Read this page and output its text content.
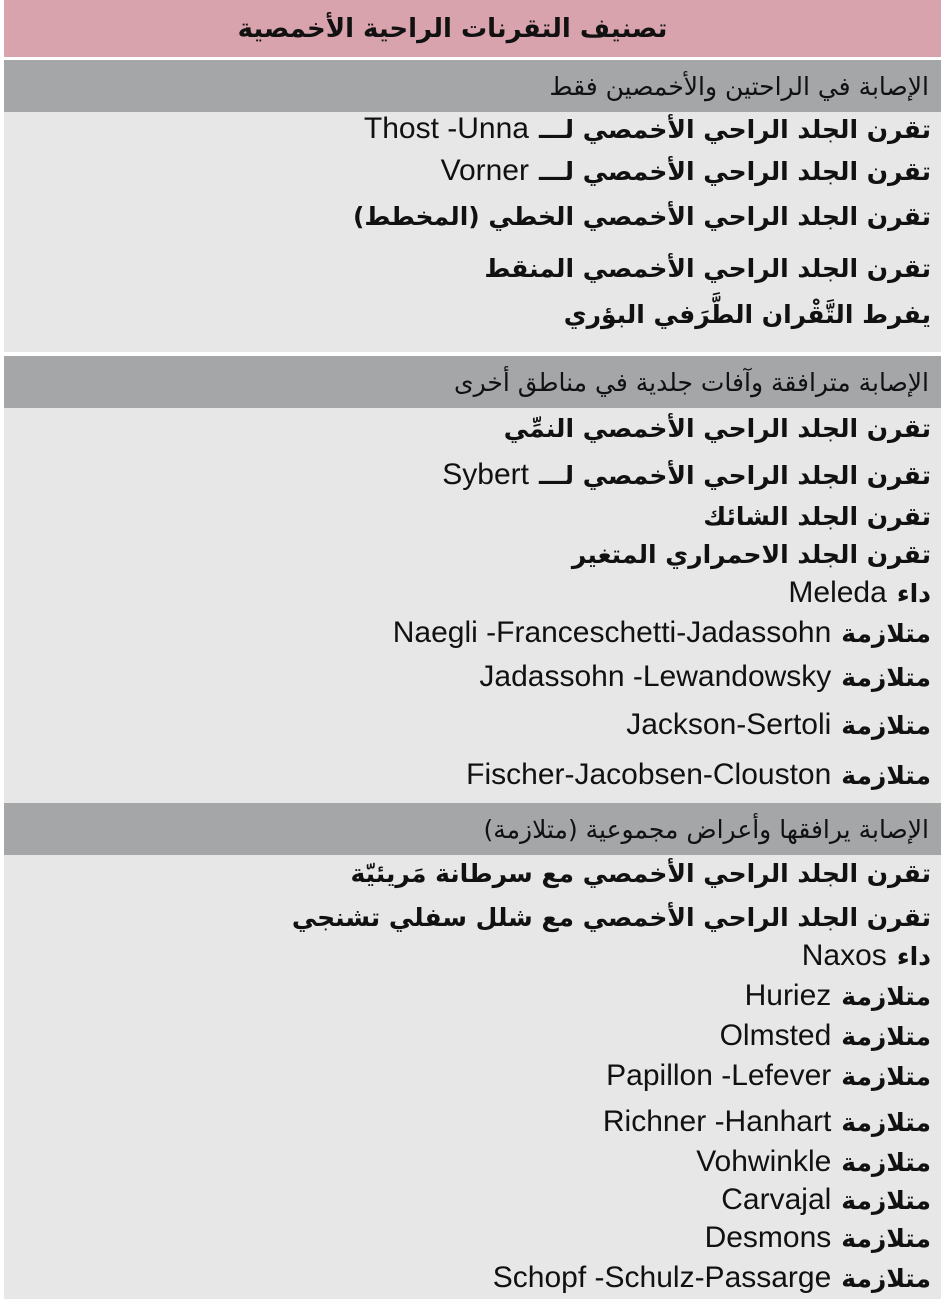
تصنيف التقرنات الراحية الأخمصية
الإصابة في الراحتين والأخمصين فقط
تقرن الجلد الراحي الأخمصي لـــThost -Unna
تقرن الجلد الراحي الأخمصي لـــVorner
تقرن الجلد الراحي الأخمصي الخطي (المخطط)
تقرن الجلد الراحي الأخمصي المنقط
يفرط التَّقْران الطَّرَفي البؤري
الإصابة مترافقة وآفات جلدية في مناطق أخرى
تقرن الجلد الراحي الأخمصي النمِّي
تقرن الجلد الراحي الأخمصي لـــSybert
تقرن الجلد الشائك
تقرن الجلد الاحمراري المتغير
داءMeleda
متلازمةNaegli -Franceschetti-Jadassohn
متلازمةJadassohn -Lewandowsky
متلازمةJackson-Sertoli
متلازمةFischer-Jacobsen-Clouston
الإصابة يرافقها وأعراض مجموعية (متلازمة)
تقرن الجلد الراحي الأخمصي مع سرطانة مَريئيّة
تقرن الجلد الراحي الأخمصي مع شلل سفلي تشنجي
داءNaxos
متلازمةHuriez
متلازمةOlmsted
متلازمةPapillon -Lefever
متلازمةRichner -Hanhart
متلازمةVohwinkle
متلازمةCarvajal
متلازمةDesmons
متلازمةSchopf -Schulz-Passarge
